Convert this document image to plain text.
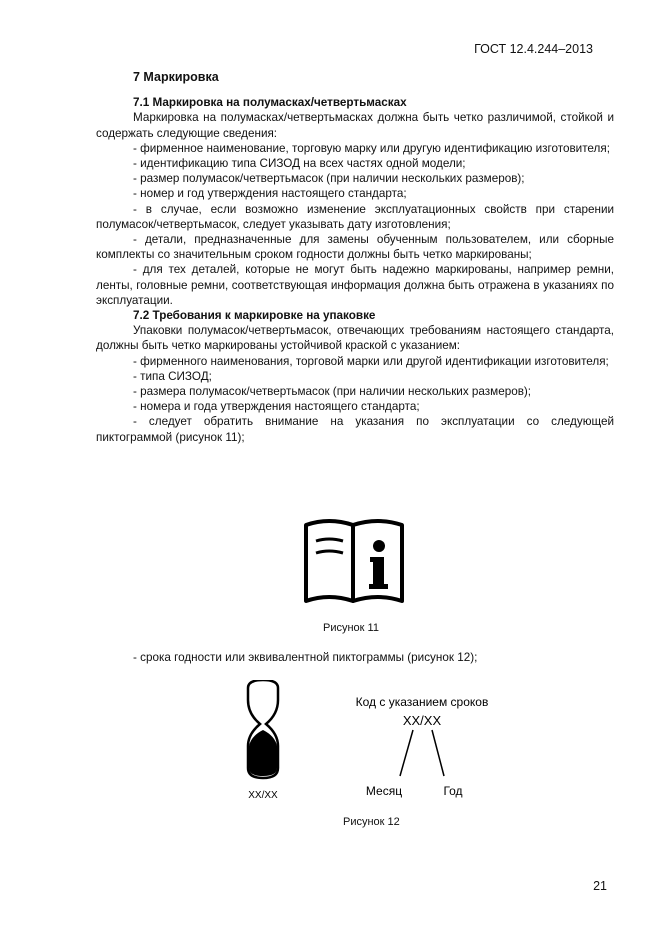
ГОСТ 12.4.244–2013
7 Маркировка
7.1 Маркировка на полумасках/четвертьмасках

Маркировка на полумасках/четвертьмасках должна быть четко различимой, стойкой и содержать следующие сведения:

- фирменное наименование, торговую марку или другую идентификацию изготовителя;

- идентификацию типа СИЗОД на всех частях одной модели;

- размер полумасок/четвертьмасок (при наличии нескольких размеров);

- номер и год утверждения настоящего стандарта;

- в случае, если возможно изменение эксплуатационных свойств при старении полумасок/четвертьмасок, следует указывать дату изготовления;

- детали, предназначенные для замены обученным пользователем, или сборные комплекты со значительным сроком годности должны быть четко маркированы;

- для тех деталей, которые не могут быть надежно маркированы, например ремни, ленты, головные ремни, соответствующая информация должна быть отражена в указаниях по эксплуатации.

7.2 Требования к маркировке на упаковке

Упаковки полумасок/четвертьмасок, отвечающих требованиям настоящего стандарта, должны быть четко маркированы устойчивой краской с указанием:

- фирменного наименования, торговой марки или другой идентификации изготовителя;

- типа СИЗОД;

- размера полумасок/четвертьмасок (при наличии нескольких размеров);

- номера и года утверждения настоящего стандарта;

- следует обратить внимание на указания по эксплуатации со следующей пиктограммой (рисунок 11);

Рисунок 11

- срока годности или эквивалентной пиктограммы (рисунок 12);

XX/XX
Код с указанием сроков
XX/XX
Месяц	Год
Рисунок 12
21
